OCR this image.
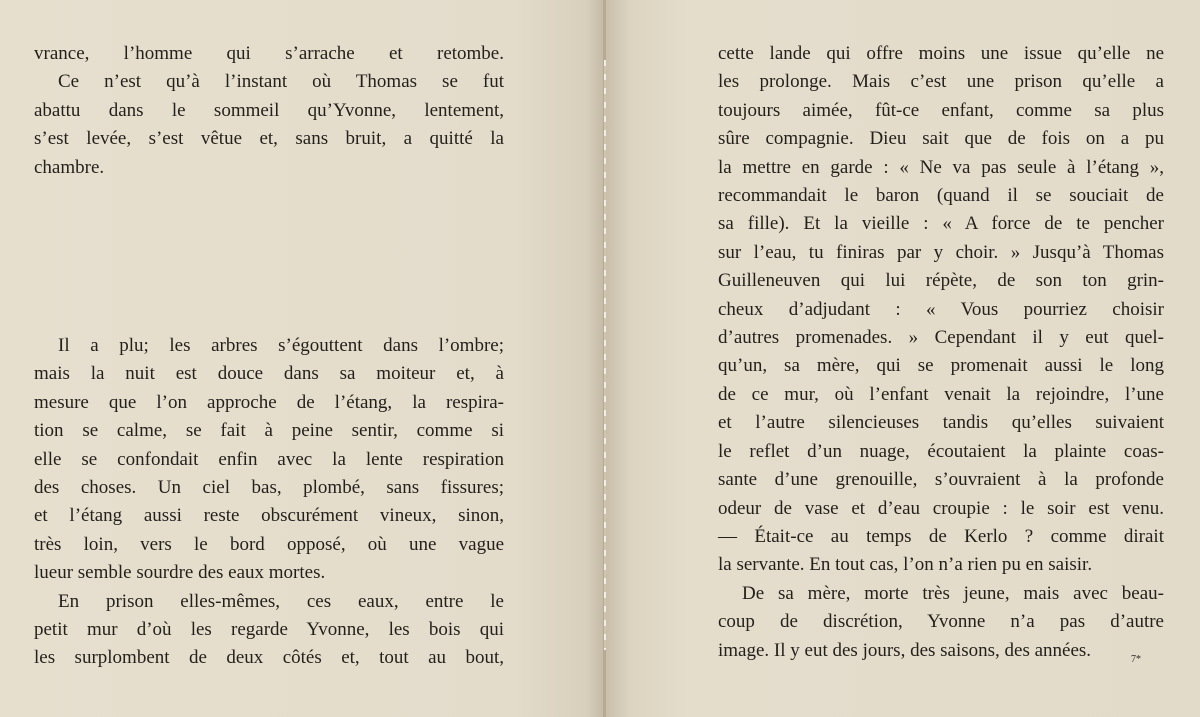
vrance, l’homme qui s’arrache et retombe.

Ce n’est qu’à l’instant où Thomas se fut

abattu dans le sommeil qu’Yvonne, lentement,

s’est levée, s’est vêtue et, sans bruit, a quitté la

chambre.

Il a plu; les arbres s’égouttent dans l’ombre;

mais la nuit est douce dans sa moiteur et, à

mesure que l’on approche de l’étang, la respira-

tion se calme, se fait à peine sentir, comme si

elle se confondait enfin avec la lente respiration

des choses. Un ciel bas, plombé, sans fissures;

et l’étang aussi reste obscurément vineux, sinon,

très loin, vers le bord opposé, où une vague

lueur semble sourdre des eaux mortes.

En prison elles-mêmes, ces eaux, entre le

petit mur d’où les regarde Yvonne, les bois qui

les surplombent de deux côtés et, tout au bout,

cette lande qui offre moins une issue qu’elle ne

les prolonge. Mais c’est une prison qu’elle a

toujours aimée, fût-ce enfant, comme sa plus

sûre compagnie. Dieu sait que de fois on a pu

la mettre en garde : « Ne va pas seule à l’étang »,

recommandait le baron (quand il se souciait de

sa fille). Et la vieille : « A force de te pencher

sur l’eau, tu finiras par y choir. » Jusqu’à Thomas

Guilleneuven qui lui répète, de son ton grin-

cheux d’adjudant : « Vous pourriez choisir

d’autres promenades. » Cependant il y eut quel-

qu’un, sa mère, qui se promenait aussi le long

de ce mur, où l’enfant venait la rejoindre, l’une

et l’autre silencieuses tandis qu’elles suivaient

le reflet d’un nuage, écoutaient la plainte coas-

sante d’une grenouille, s’ouvraient à la profonde

odeur de vase et d’eau croupie : le soir est venu.

— Était-ce au temps de Kerlo ? comme dirait

la servante. En tout cas, l’on n’a rien pu en saisir.

De sa mère, morte très jeune, mais avec beau-

coup de discrétion, Yvonne n’a pas d’autre

image. Il y eut des jours, des saisons, des années.	7*
